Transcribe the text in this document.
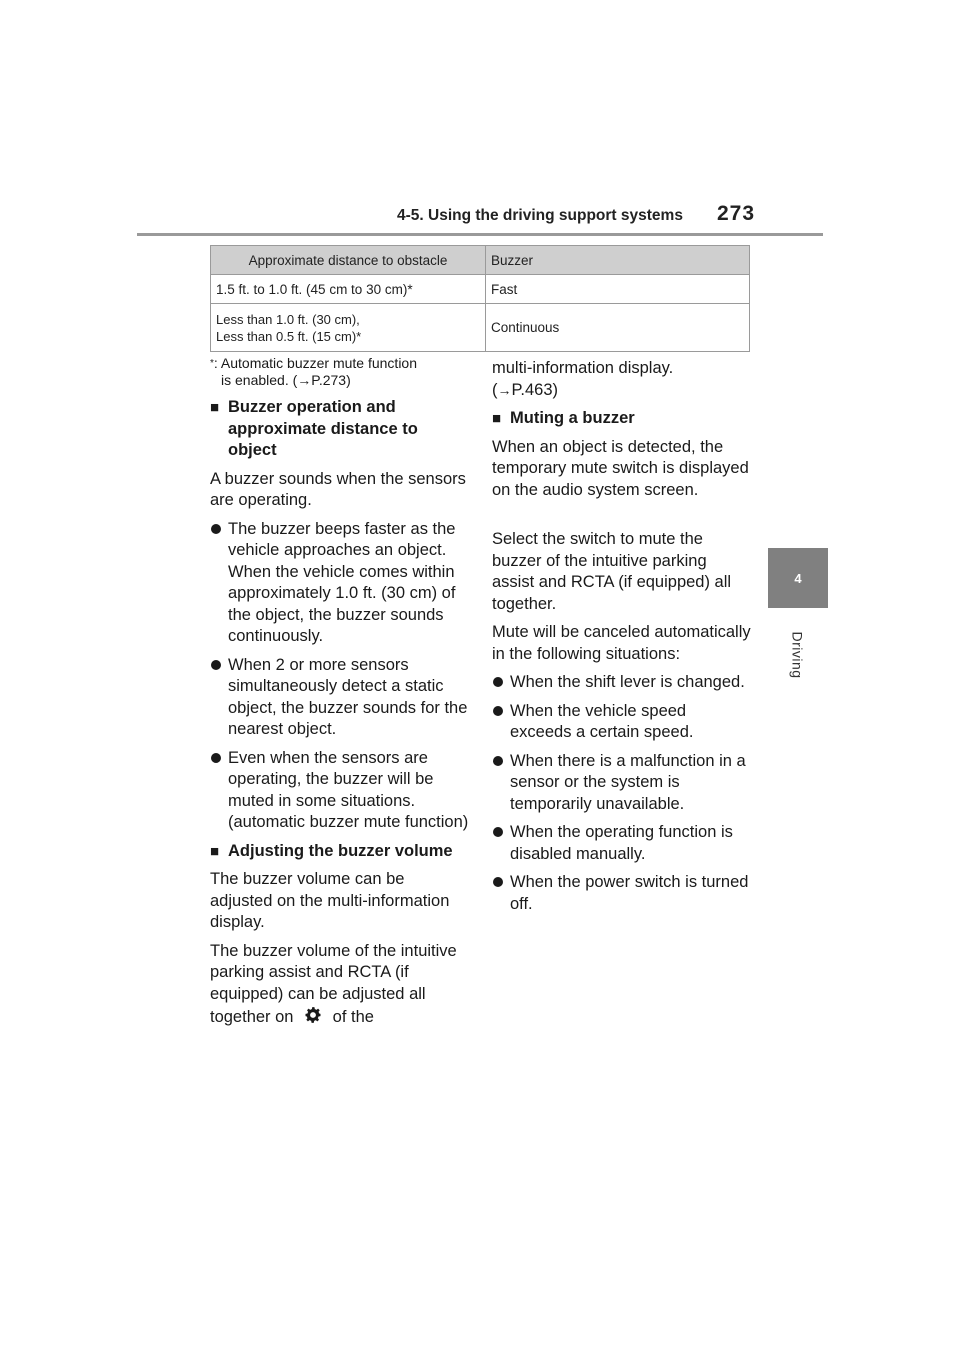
4-5. Using the driving support systems 273
4
Driving
Approximate distance to obstacle	Buzzer
1.5 ft. to 1.0 ft. (45 cm to 30 cm)*	Fast

Less than 1.0 ft. (30 cm),
Less than 0.5 ft. (15 cm)*	Continuous
*: Automatic buzzer mute function
is enabled. (→P.273)
■ Buzzer operation and approximate distance to object

A buzzer sounds when the sensors are operating.

The buzzer beeps faster as the vehicle approaches an object. When the vehicle comes within approximately 1.0 ft. (30 cm) of the object, the buzzer sounds continuously.
When 2 or more sensors simultaneously detect a static object, the buzzer sounds for the nearest object.
Even when the sensors are operating, the buzzer will be muted in some situations. (automatic buzzer mute function)
■ Adjusting the buzzer volume

The buzzer volume can be adjusted on the multi-information display.

The buzzer volume of the intuitive parking assist and RCTA (if equipped) can be adjusted all together on of the

multi-information display.
(→P.463)

■ Muting a buzzer

When an object is detected, the temporary mute switch is displayed on the audio system screen.

Select the switch to mute the buzzer of the intuitive parking assist and RCTA (if equipped) all together.

Mute will be canceled automatically in the following situations:

When the shift lever is changed.
When the vehicle speed exceeds a certain speed.
When there is a malfunction in a sensor or the system is temporarily unavailable.
When the operating function is disabled manually.
When the power switch is turned off.
